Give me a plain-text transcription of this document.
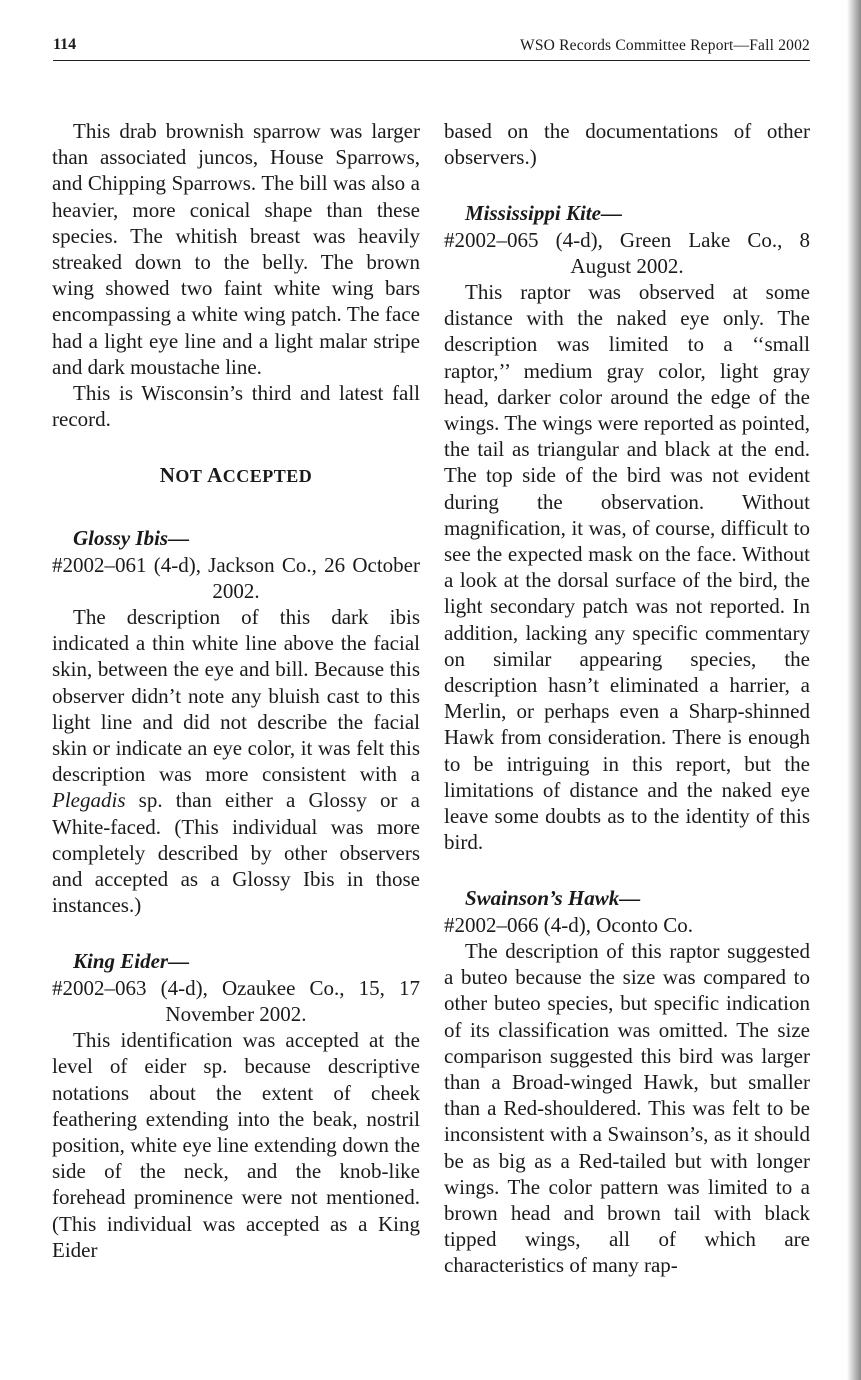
114	WSO Records Committee Report—Fall 2002

This drab brownish sparrow was larger than associated juncos, House Sparrows, and Chipping Sparrows. The bill was also a heavier, more conical shape than these species. The whitish breast was heavily streaked down to the belly. The brown wing showed two faint white wing bars encompassing a white wing patch. The face had a light eye line and a light malar stripe and dark moustache line.

This is Wisconsin’s third and latest fall record.

NOT ACCEPTED
Glossy Ibis—
#2002–061 (4-d), Jackson Co., 26 October 2002.

The description of this dark ibis indicated a thin white line above the facial skin, between the eye and bill. Because this observer didn’t note any bluish cast to this light line and did not describe the facial skin or indicate an eye color, it was felt this description was more consistent with a Plegadis sp. than either a Glossy or a White-faced. (This individual was more completely described by other observers and accepted as a Glossy Ibis in those instances.)

King Eider—
#2002–063 (4-d), Ozaukee Co., 15, 17 November 2002.

This identification was accepted at the level of eider sp. because descriptive notations about the extent of cheek feathering extending into the beak, nostril position, white eye line extending down the side of the neck, and the knob-like forehead prominence were not mentioned. (This individual was accepted as a King Eider

based on the documentations of other observers.)

Mississippi Kite—
#2002–065 (4-d), Green Lake Co., 8 August 2002.

This raptor was observed at some distance with the naked eye only. The description was limited to a ‘‘small raptor,’’ medium gray color, light gray head, darker color around the edge of the wings. The wings were reported as pointed, the tail as triangular and black at the end. The top side of the bird was not evident during the observation. Without magnification, it was, of course, difficult to see the expected mask on the face. Without a look at the dorsal surface of the bird, the light secondary patch was not reported. In addition, lacking any specific commentary on similar appearing species, the description hasn’t eliminated a harrier, a Merlin, or perhaps even a Sharp-shinned Hawk from consideration. There is enough to be intriguing in this report, but the limitations of distance and the naked eye leave some doubts as to the identity of this bird.

Swainson’s Hawk—
#2002–066 (4-d), Oconto Co.

The description of this raptor suggested a buteo because the size was compared to other buteo species, but specific indication of its classification was omitted. The size comparison suggested this bird was larger than a Broad-winged Hawk, but smaller than a Red-shouldered. This was felt to be inconsistent with a Swainson’s, as it should be as big as a Red-tailed but with longer wings. The color pattern was limited to a brown head and brown tail with black tipped wings, all of which are characteristics of many rap-
